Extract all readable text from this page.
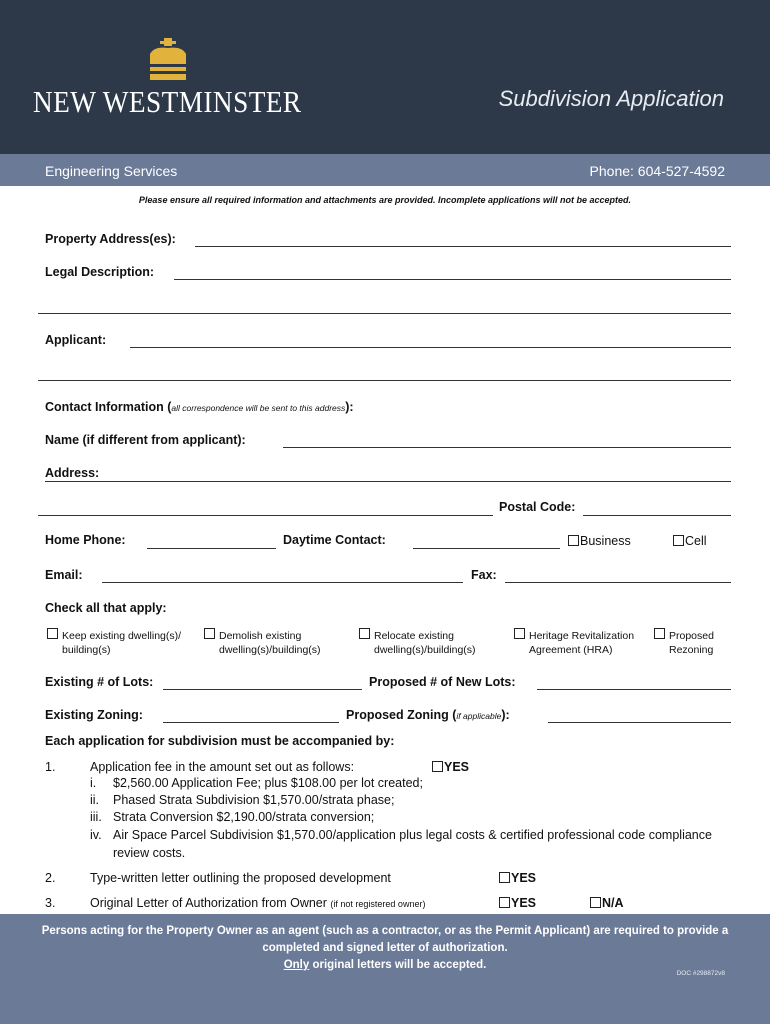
NEW WESTMINSTER	Subdivision Application
Engineering Services	Phone: 604-527-4592
Please ensure all required information and attachments are provided. Incomplete applications will not be accepted.
Property Address(es):
Legal Description:
Applicant:
Contact Information (all correspondence will be sent to this address):
Name (if different from applicant):
Address:
Postal Code:
Home Phone:	Daytime Contact:	Business	Cell
Email:	Fax:
Check all that apply:
Keep existing dwelling(s)/
building(s)
Demolish existing
dwelling(s)/building(s)
Relocate existing
dwelling(s)/building(s)
Heritage Revitalization
Agreement (HRA)
Proposed
Rezoning
Existing # of Lots:	Proposed # of New Lots:
Existing Zoning:	Proposed Zoning (if applicable):
Each application for subdivision must be accompanied by:
1.	Application fee in the amount set out as follows:	YES
i. $2,560.00 Application Fee; plus $108.00 per lot created;
ii. Phased Strata Subdivision $1,570.00/strata phase;
iii. Strata Conversion $2,190.00/strata conversion;
iv. Air Space Parcel Subdivision $1,570.00/application plus legal costs & certified professional code compliance
review costs.
2.	Type-written letter outlining the proposed development	YES
3.	Original Letter of Authorization from Owner (if not registered owner)	YES	N/A
Persons acting for the Property Owner as an agent (such as a contractor, or as the Permit Applicant) are required to provide a
completed and signed letter of authorization.
Only original letters will be accepted.
DOC #298872v8
